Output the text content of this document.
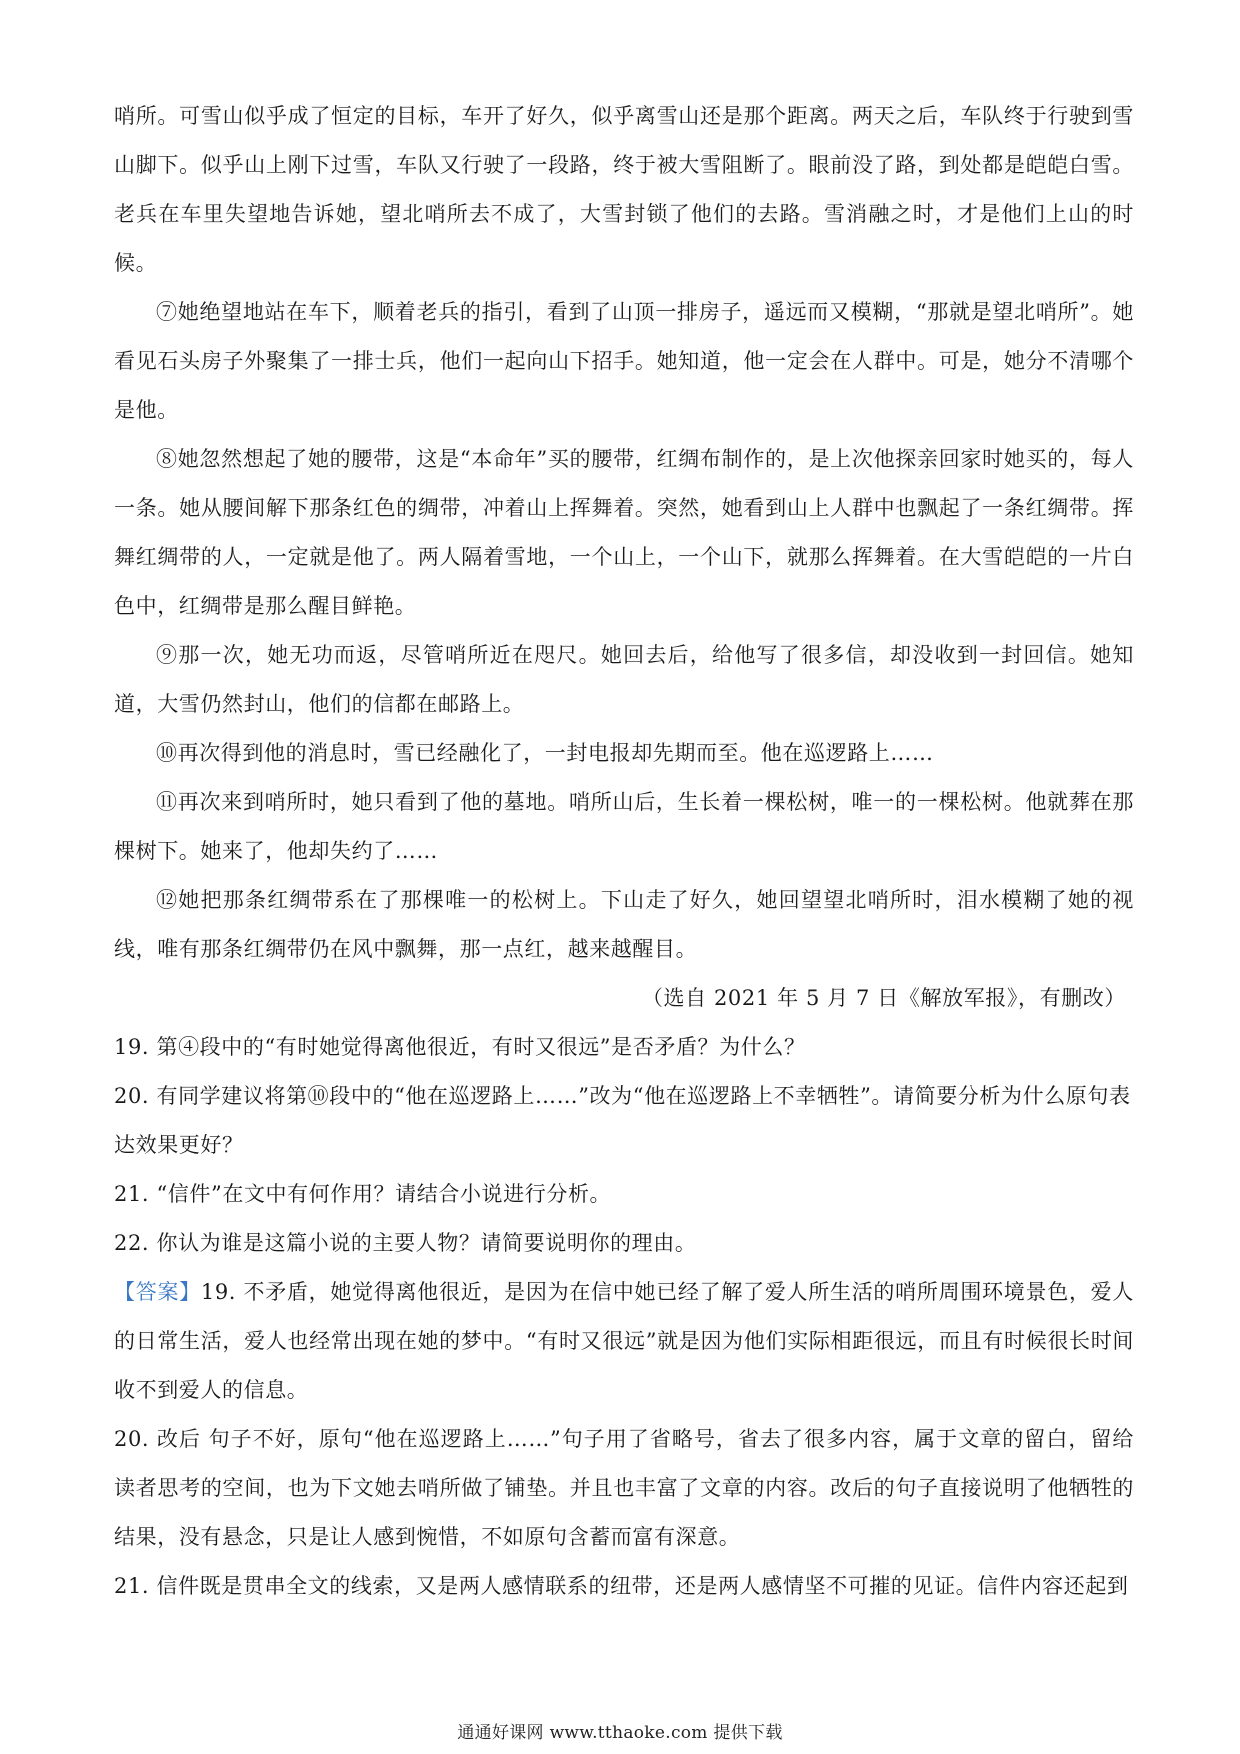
哨所。可雪山似乎成了恒定的目标，车开了好久，似乎离雪山还是那个距离。两天之后，车队终于行驶到雪山脚下。似乎山上刚下过雪，车队又行驶了一段路，终于被大雪阻断了。眼前没了路，到处都是皑皑白雪。老兵在车里失望地告诉她，望北哨所去不成了，大雪封锁了他们的去路。雪消融之时，才是他们上山的时候。

⑦她绝望地站在车下，顺着老兵的指引，看到了山顶一排房子，遥远而又模糊，“那就是望北哨所”。她看见石头房子外聚集了一排士兵，他们一起向山下招手。她知道，他一定会在人群中。可是，她分不清哪个是他。

⑧她忽然想起了她的腰带，这是“本命年”买的腰带，红绸布制作的，是上次他探亲回家时她买的，每人一条。她从腰间解下那条红色的绸带，冲着山上挥舞着。突然，她看到山上人群中也飘起了一条红绸带。挥舞红绸带的人，一定就是他了。两人隔着雪地，一个山上，一个山下，就那么挥舞着。在大雪皑皑的一片白色中，红绸带是那么醒目鲜艳。

⑨那一次，她无功而返，尽管哨所近在咫尺。她回去后，给他写了很多信，却没收到一封回信。她知道，大雪仍然封山，他们的信都在邮路上。

⑩再次得到他的消息时，雪已经融化了，一封电报却先期而至。他在巡逻路上……

⑪再次来到哨所时，她只看到了他的墓地。哨所山后，生长着一棵松树，唯一的一棵松树。他就葬在那棵树下。她来了，他却失约了……

⑫她把那条红绸带系在了那棵唯一的松树上。下山走了好久，她回望望北哨所时，泪水模糊了她的视线，唯有那条红绸带仍在风中飘舞，那一点红，越来越醒目。

（选自 2021 年 5 月 7 日《解放军报》，有删改）

19. 第④段中的“有时她觉得离他很近，有时又很远”是否矛盾？为什么？

20. 有同学建议将第⑩段中的“他在巡逻路上……”改为“他在巡逻路上不幸牺牲”。请简要分析为什么原句表达效果更好？

21. “信件”在文中有何作用？请结合小说进行分析。

22. 你认为谁是这篇小说的主要人物？请简要说明你的理由。

【答案】19. 不矛盾，她觉得离他很近，是因为在信中她已经了解了爱人所生活的哨所周围环境景色，爱人的日常生活，爱人也经常出现在她的梦中。“有时又很远”就是因为他们实际相距很远，而且有时候很长时间收不到爱人的信息。

20. 改后 句子不好，原句“他在巡逻路上……”句子用了省略号，省去了很多内容，属于文章的留白，留给读者思考的空间，也为下文她去哨所做了铺垫。并且也丰富了文章的内容。改后的句子直接说明了他牺牲的结果，没有悬念，只是让人感到惋惜，不如原句含蓄而富有深意。

21. 信件既是贯串全文的线索，又是两人感情联系的纽带，还是两人感情坚不可摧的见证。信件内容还起到

通通好课网 www.tthaoke.com 提供下载
